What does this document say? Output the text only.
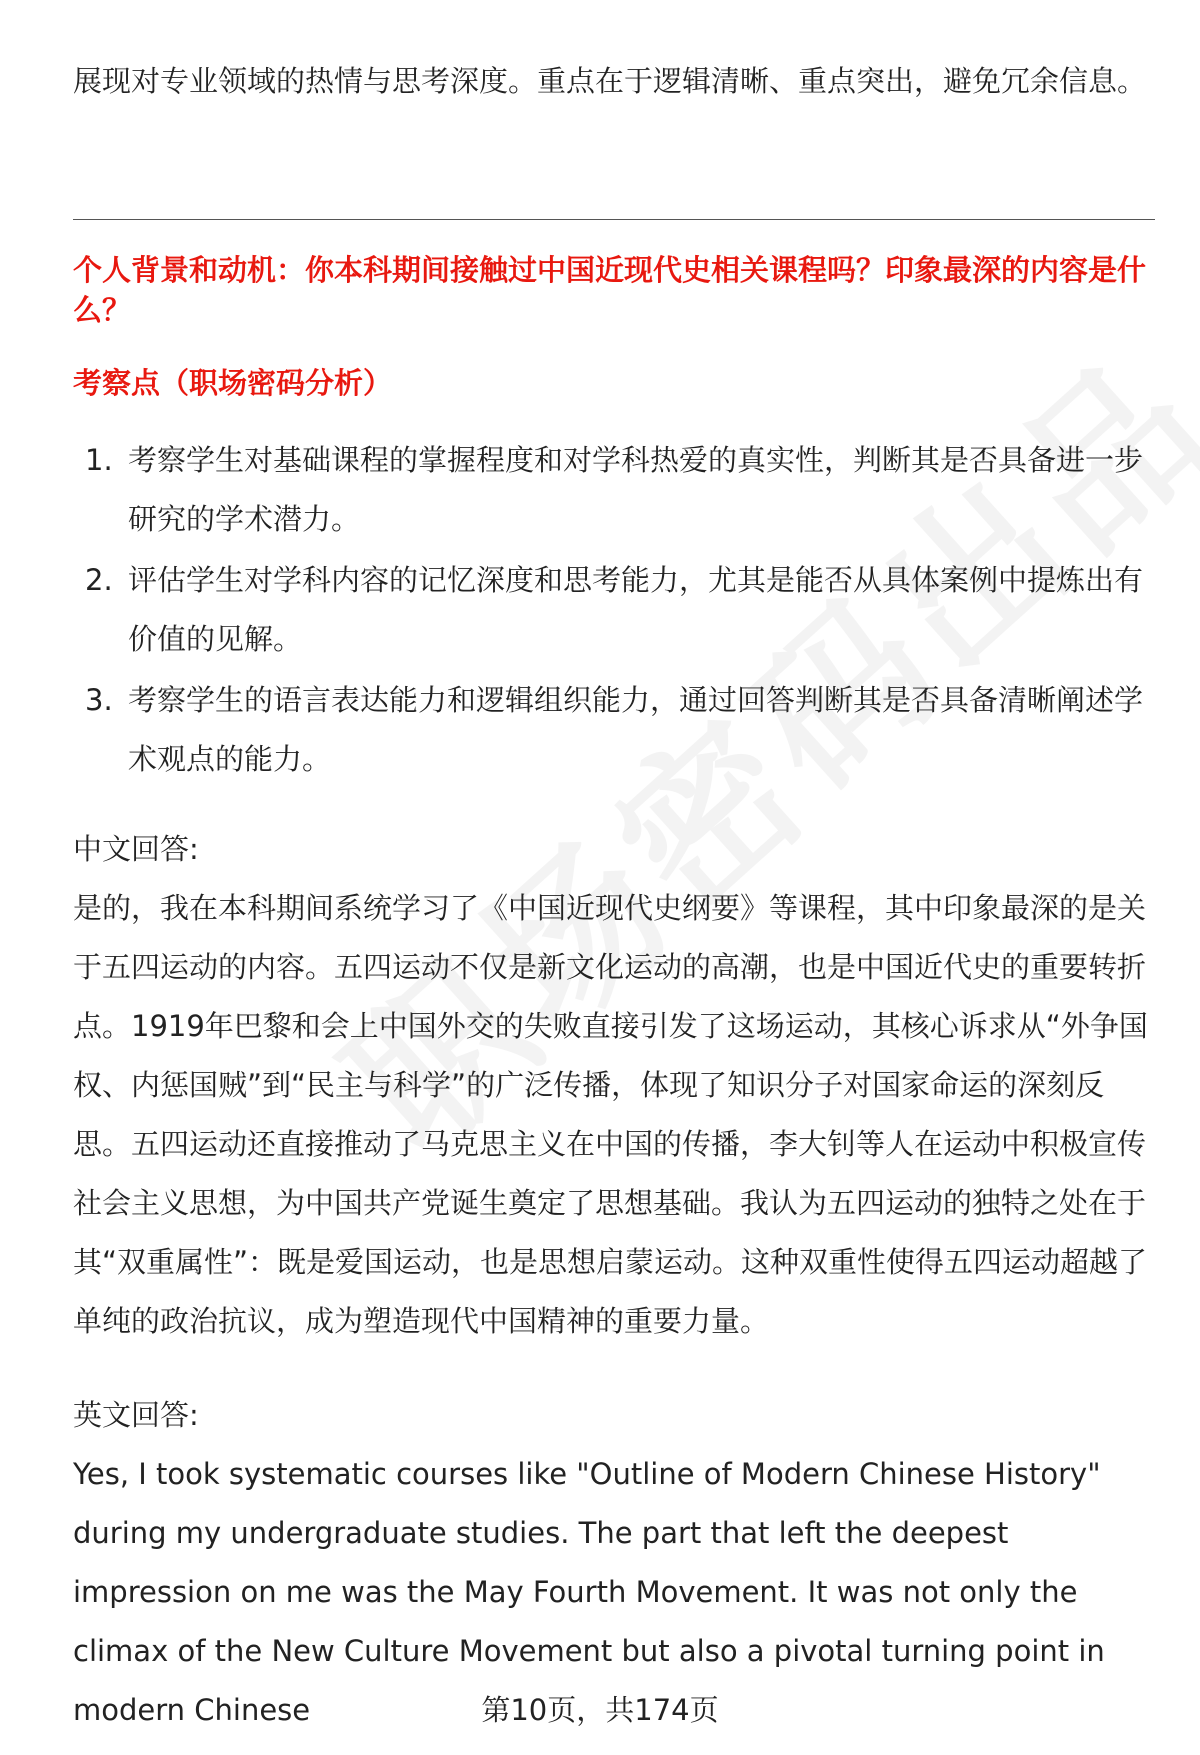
展现对专业领域的热情与思考深度。重点在于逻辑清晰、重点突出，避免冗余信息。

个人背景和动机：你本科期间接触过中国近现代史相关课程吗？印象最深的内容是什么？

考察点（职场密码分析）

1. 考察学生对基础课程的掌握程度和对学科热爱的真实性，判断其是否具备进一步研究的学术潜力。
2. 评估学生对学科内容的记忆深度和思考能力，尤其是能否从具体案例中提炼出有价值的见解。
3. 考察学生的语言表达能力和逻辑组织能力，通过回答判断其是否具备清晰阐述学术观点的能力。

中文回答:

是的，我在本科期间系统学习了《中国近现代史纲要》等课程，其中印象最深的是关于五四运动的内容。五四运动不仅是新文化运动的高潮，也是中国近代史的重要转折点。1919年巴黎和会上中国外交的失败直接引发了这场运动，其核心诉求从“外争国权、内惩国贼”到“民主与科学”的广泛传播，体现了知识分子对国家命运的深刻反思。五四运动还直接推动了马克思主义在中国的传播，李大钊等人在运动中积极宣传社会主义思想，为中国共产党诞生奠定了思想基础。我认为五四运动的独特之处在于其“双重属性”：既是爱国运动，也是思想启蒙运动。这种双重性使得五四运动超越了单纯的政治抗议，成为塑造现代中国精神的重要力量。

英文回答:

Yes, I took systematic courses like "Outline of Modern Chinese History" during my undergraduate studies. The part that left the deepest impression on me was the May Fourth Movement. It was not only the climax of the New Culture Movement but also a pivotal turning point in modern Chinese	第10页，共174页
